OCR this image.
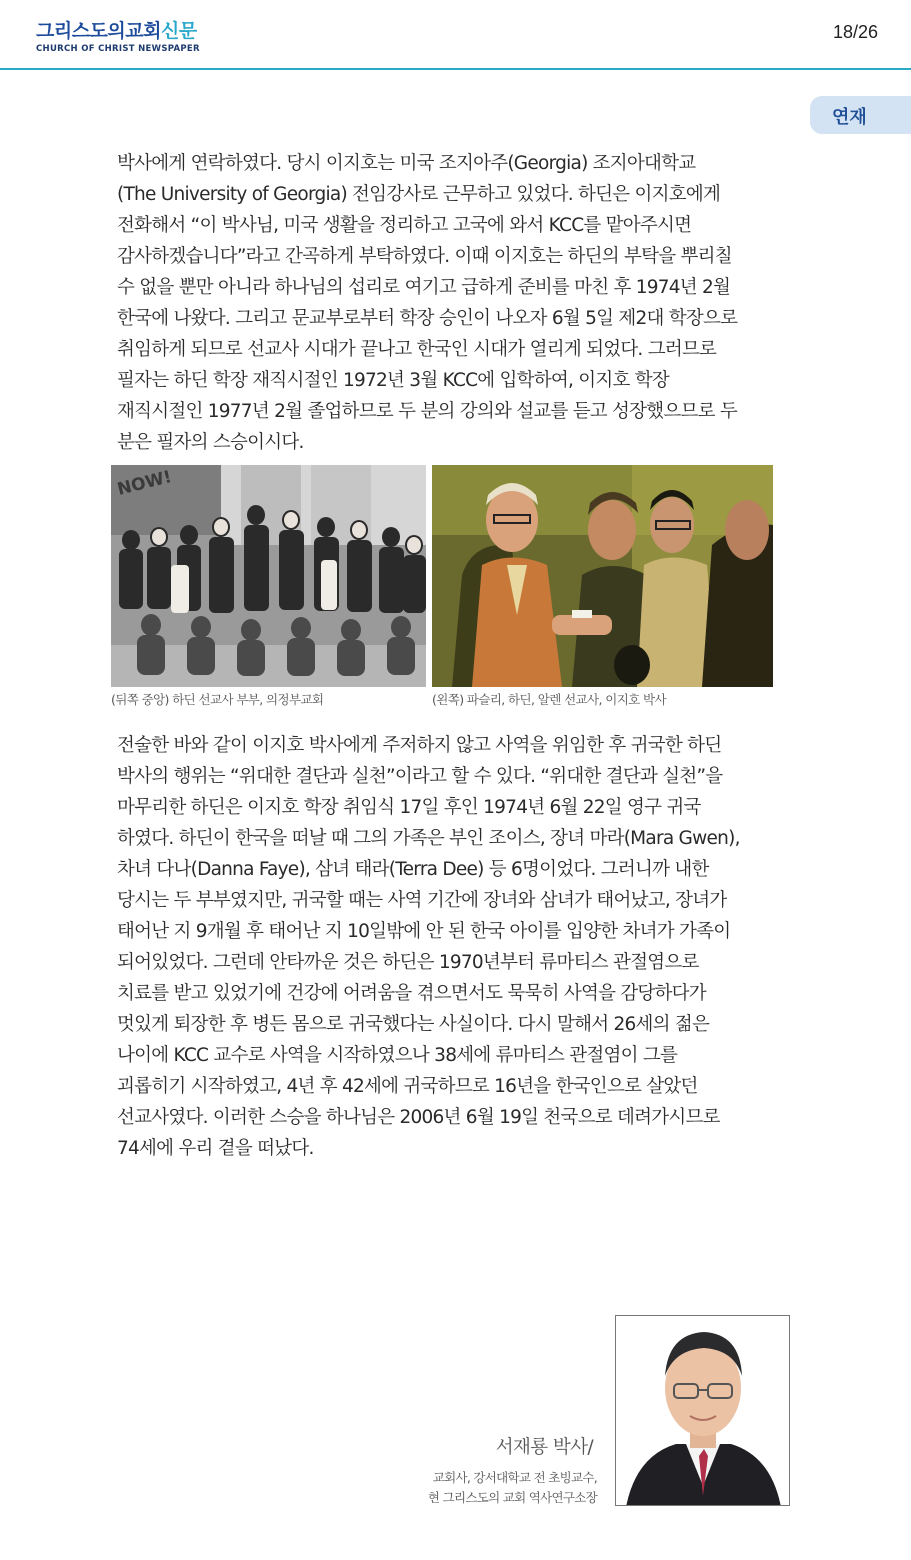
그리스도의교회신문
CHURCH OF CHRIST NEWSPAPER
18/26
연재

박사에게 연락하였다. 당시 이지호는 미국 조지아주(Georgia) 조지아대학교

(The University of Georgia) 전임강사로 근무하고 있었다. 하딘은 이지호에게

전화해서 “이 박사님, 미국 생활을 정리하고 고국에 와서 KCC를 맡아주시면

감사하겠습니다”라고 간곡하게 부탁하였다. 이때 이지호는 하딘의 부탁을 뿌리칠

수 없을 뿐만 아니라 하나님의 섭리로 여기고 급하게 준비를 마친 후 1974년 2월

한국에 나왔다. 그리고 문교부로부터 학장 승인이 나오자 6월 5일 제2대 학장으로

취임하게 되므로 선교사 시대가 끝나고 한국인 시대가 열리게 되었다. 그러므로

필자는 하딘 학장 재직시절인 1972년 3월 KCC에 입학하여, 이지호 학장

재직시절인 1977년 2월 졸업하므로 두 분의 강의와 설교를 듣고 성장했으므로 두

분은 필자의 스승이시다.

NOW!
(뒤쪽 중앙) 하딘 선교사 부부, 의정부교회	(왼쪽) 파슬리, 하딘, 알렌 선교사, 이지호 박사

전술한 바와 같이 이지호 박사에게 주저하지 않고 사역을 위임한 후 귀국한 하딘

박사의 행위는 “위대한 결단과 실천”이라고 할 수 있다. “위대한 결단과 실천”을

마무리한 하딘은 이지호 학장 취임식 17일 후인 1974년 6월 22일 영구 귀국

하였다. 하딘이 한국을 떠날 때 그의 가족은 부인 조이스, 장녀 마라(Mara Gwen),

차녀 다나(Danna Faye), 삼녀 태라(Terra Dee) 등 6명이었다. 그러니까 내한

당시는 두 부부였지만, 귀국할 때는 사역 기간에 장녀와 삼녀가 태어났고, 장녀가

태어난 지 9개월 후 태어난 지 10일밖에 안 된 한국 아이를 입양한 차녀가 가족이

되어있었다. 그런데 안타까운 것은 하딘은 1970년부터 류마티스 관절염으로

치료를 받고 있었기에 건강에 어려움을 겪으면서도 묵묵히 사역을 감당하다가

멋있게 퇴장한 후 병든 몸으로 귀국했다는 사실이다. 다시 말해서 26세의 젊은

나이에 KCC 교수로 사역을 시작하였으나 38세에 류마티스 관절염이 그를

괴롭히기 시작하였고, 4년 후 42세에 귀국하므로 16년을 한국인으로 살았던

선교사였다. 이러한 스승을 하나님은 2006년 6월 19일 천국으로 데려가시므로

74세에 우리 곁을 떠났다.

서재룡 박사/
교회사, 강서대학교 전 초빙교수,
현 그리스도의 교회 역사연구소장
